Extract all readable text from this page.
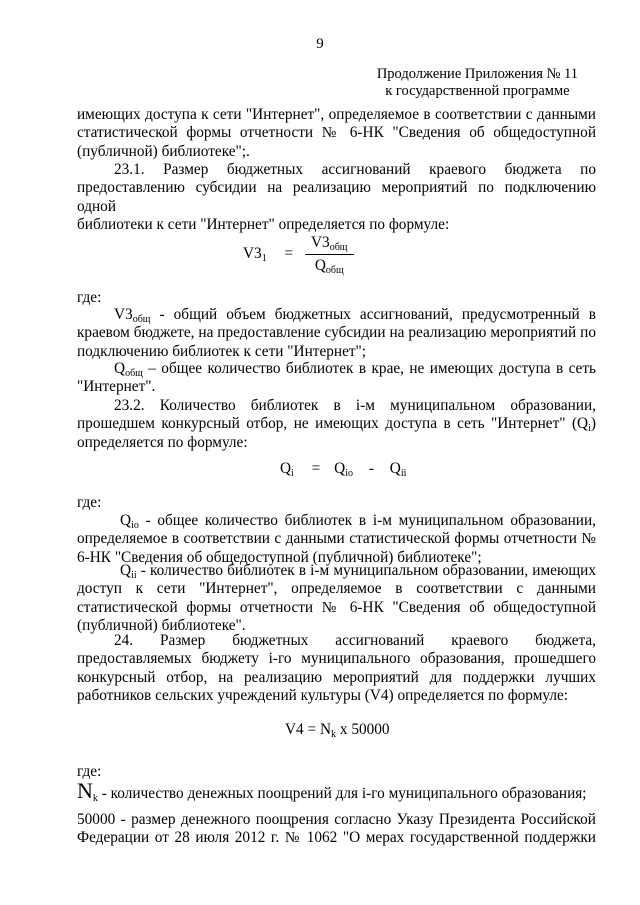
9
Продолжение Приложения № 11
к государственной программе
имеющих доступа к сети "Интернет", определяемое в соответствии с данными
статистической формы отчетности № 6-НК "Сведения об общедоступной
(публичной) библиотеке";.
23.1. Размер бюджетных ассигнований краевого бюджета по
предоставлению субсидии на реализацию мероприятий по подключению одной
библиотеки к сети "Интернет" определяется по формуле:
$V3_1 = \frac{V3_{общ}}{Q_{общ}}$
где:
$V3_{общ}$ - общий объем бюджетных ассигнований, предусмотренный в
краевом бюджете, на предоставление субсидии на реализацию мероприятий по
подключению библиотек к сети "Интернет";
$Q_{общ}$ – общее количество библиотек в крае, не имеющих доступа в сеть
"Интернет".
23.2. Количество библиотек в i-м муниципальном образовании,
прошедшем конкурсный отбор, не имеющих доступа в сеть "Интернет" $(Q_i)$
определяется по формуле:
$Q_i = Q_{io} - Q_{ii}$
где:
$Q_{io}$ - общее количество библиотек в i-м муниципальном образовании,
определяемое в соответствии с данными статистической формы отчетности №
6-НК "Сведения об общедоступной (публичной) библиотеке";
$Q_{ii}$ - количество библиотек в i-м муниципальном образовании, имеющих
доступ к сети "Интернет", определяемое в соответствии с данными
статистической формы отчетности № 6-НК "Сведения об общедоступной
(публичной) библиотеке".
24. Размер бюджетных ассигнований краевого бюджета,
предоставляемых бюджету i-го муниципального образования, прошедшего
конкурсный отбор, на реализацию мероприятий для поддержки лучших
работников сельских учреждений культуры (V4) определяется по формуле:
$V4 = N_k$ x 50000
где:
$N_k$ - количество денежных поощрений для i-го муниципального образования;
50000 - размер денежного поощрения согласно Указу Президента Российской
Федерации от 28 июля 2012 г. № 1062 "О мерах государственной поддержки
